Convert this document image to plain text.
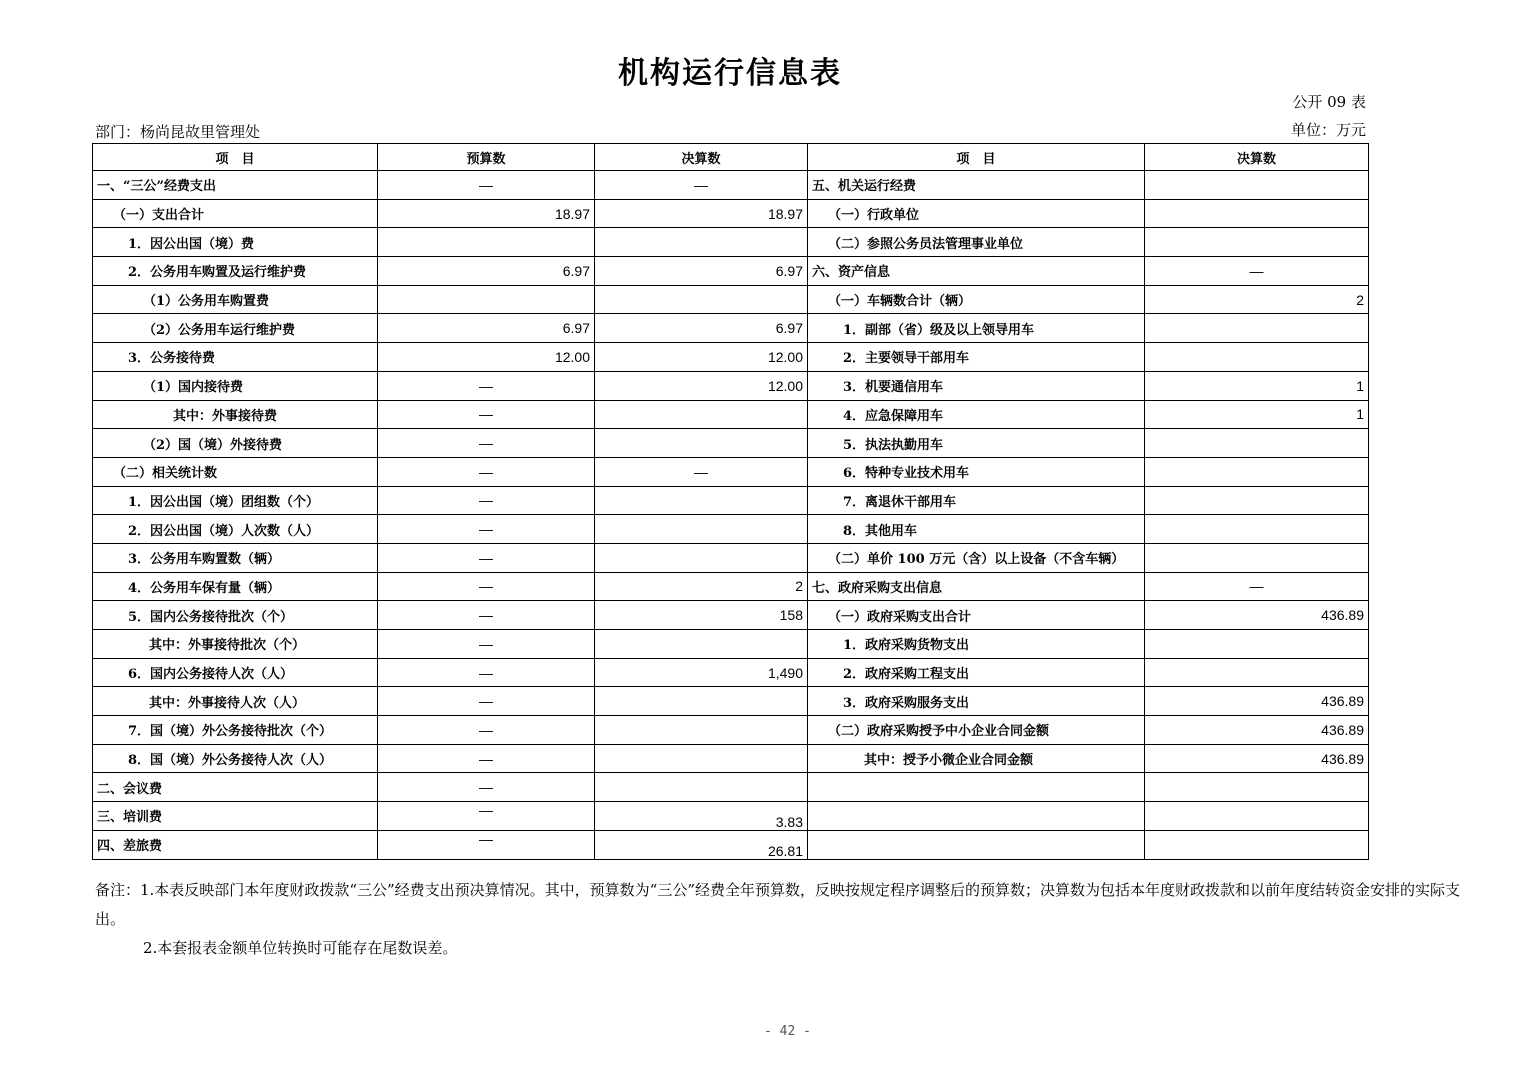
机构运行信息表
公开 09 表
部门：杨尚昆故里管理处	单位：万元
项　目	预算数	决算数	项　目	决算数
一、“三公”经费支出	—	—	五、机关运行经费	
（一）支出合计	18.97	18.97	（一）行政单位	
1．因公出国（境）费			（二）参照公务员法管理事业单位	
2．公务用车购置及运行维护费	6.97	6.97	六、资产信息	—
（1）公务用车购置费			（一）车辆数合计（辆）	2
（2）公务用车运行维护费	6.97	6.97	1．副部（省）级及以上领导用车	
3．公务接待费	12.00	12.00	2．主要领导干部用车	
（1）国内接待费	—	12.00	3．机要通信用车	1
其中：外事接待费	—		4．应急保障用车	1
（2）国（境）外接待费	—		5．执法执勤用车	
（二）相关统计数	—	—	6．特种专业技术用车	
1．因公出国（境）团组数（个）	—		7．离退休干部用车	
2．因公出国（境）人次数（人）	—		8．其他用车	
3．公务用车购置数（辆）	—		（二）单价 100 万元（含）以上设备（不含车辆）	
4．公务用车保有量（辆）	—	2	七、政府采购支出信息	—
5．国内公务接待批次（个）	—	158	（一）政府采购支出合计	436.89
其中：外事接待批次（个）	—		1．政府采购货物支出	
6．国内公务接待人次（人）	—	1,490	2．政府采购工程支出	
其中：外事接待人次（人）	—		3．政府采购服务支出	436.89
7．国（境）外公务接待批次（个）	—		（二）政府采购授予中小企业合同金额	436.89
8．国（境）外公务接待人次（人）	—		其中：授予小微企业合同金额	436.89
二、会议费	—			
三、培训费	—	3.83		
四、差旅费	—	26.81		

备注：1.本表反映部门本年度财政拨款“三公”经费支出预决算情况。其中，预算数为“三公”经费全年预算数，反映按规定程序调整后的预算数；决算数为包括本年度财政拨款和以前年度结转资金安排的实际支出。

2.本套报表金额单位转换时可能存在尾数误差。

- 42 -
